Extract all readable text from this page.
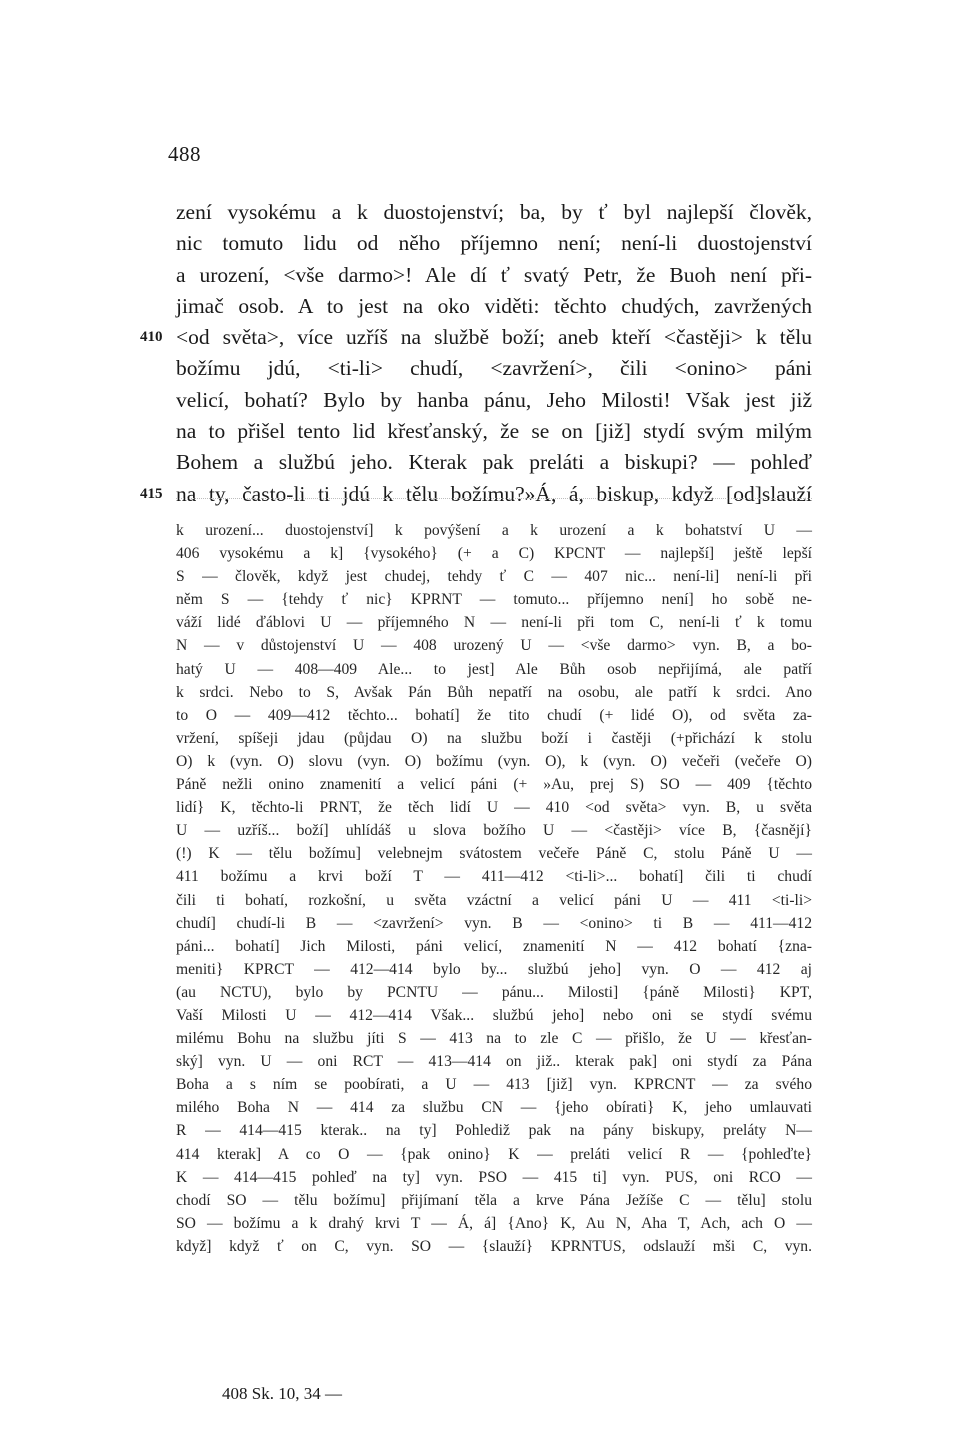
488
zení vysokému a k duostojenství; ba, by ť byl najlepší člověk,
nic tomuto lidu od něho příjemno není; není-li duostojenství
a urození, <vše darmo>! Ale dí ť svatý Petr, že Buoh není při-
jimač osob. A to jest na oko viděti: těchto chudých, zavržených
410 <od světa>, více uzříš na službě boží; aneb kteří <častěji> k tělu
božímu jdú, <ti-li> chudí, <zavržení>, čili <onino> páni
velicí, bohatí? Bylo by hanba pánu, Jeho Milosti! Však jest již
na to přišel tento lid křesťanský, že se on [již] stydí svým milým
Bohem a službú jeho. Kterak pak preláti a biskupi? — pohleď
415 na ty, často-li ti jdú k tělu božímu?»Á, á, biskup, když [od]slauží
k urození... duostojenství] k povýšení a k urození a k bohatství U —
406 vysokému a k] {vysokého} (+ a C) KPCNT — najlepší] ještě lepší
S — člověk, když jest chudej, tehdy ť C — 407 nic... není-li] není-li při
něm S — {tehdy ť nic} KPRNT — tomuto... příjemno není] ho sobě ne-
váží lidé ďáblovi U — příjemného N — není-li při tom C, není-li ť k tomu
N — v důstojenství U — 408 urozený U — <vše darmo> vyn. B, a bo-
hatý U — 408—409 Ale... to jest] Ale Bůh osob nepřijímá, ale patří
k srdci. Nebo to S, Avšak Pán Bůh nepatří na osobu, ale patří k srdci. Ano
to O — 409—412 těchto... bohatí] že tito chudí (+ lidé O), od světa za-
vržení, spíšeji jdau (půjdau O) na službu boží i častěji (+přichází k stolu
O) k (vyn. O) slovu (vyn. O) božímu (vyn. O), k (vyn. O) večeři (večeře O)
Páně nežli onino znamenití a velicí páni (+ »Au, prej S) SO — 409 {těchto
lidí} K, těchto-li PRNT, že těch lidí U — 410 <od světa> vyn. B, u světa
U — uzříš... boží] uhlídáš u slova božího U — <častěji> více B, {časnějí}
(!) K — tělu božímu] velebnejm svátostem večeře Páně C, stolu Páně U —
411 božímu a krvi boží T — 411—412 <ti-li>... bohatí] čili ti chudí
čili ti bohatí, rozkošní, u světa vzáctní a velicí páni U — 411 <ti-li>
chudí] chudí-li B — <zavržení> vyn. B — <onino> ti B — 411—412
páni... bohatí] Jich Milosti, páni velicí, znamenití N — 412 bohatí {zna-
meniti} KPRCT — 412—414 bylo by... službú jeho] vyn. O — 412 aj
(au NCTU), bylo by PCNTU — pánu... Milosti] {páně Milosti} KPT,
Vaší Milosti U — 412—414 Však... službú jeho] nebo oni se stydí svému
milému Bohu na službu jíti S — 413 na to zle C — přišlo, že U — křesťan-
ský] vyn. U — oni RCT — 413—414 on již.. kterak pak] oni stydí za Pána
Boha a s ním se poobírati, a U — 413 [již] vyn. KPRCNT — za svého
milého Boha N — 414 za službu CN — {jeho obírati} K, jeho umlauvati
R — 414—415 kterak.. na ty] Pohlediž pak na pány biskupy, preláty N—
414 kterak] A co O — {pak onino} K — preláti velicí R — {pohleďte}
K — 414—415 pohleď na ty] vyn. PSO — 415 ti] vyn. PUS, oni RCO —
chodí SO — tělu božímu] přijímaní těla a krve Pána Ježíše C — tělu] stolu
SO — božímu a k drahý krvi T — Á, á] {Ano} K, Au N, Aha T, Ach, ach O —
když] když ť on C, vyn. SO — {slauží} KPRNTUS, odslauží mši C, vyn.
408 Sk. 10, 34 —
